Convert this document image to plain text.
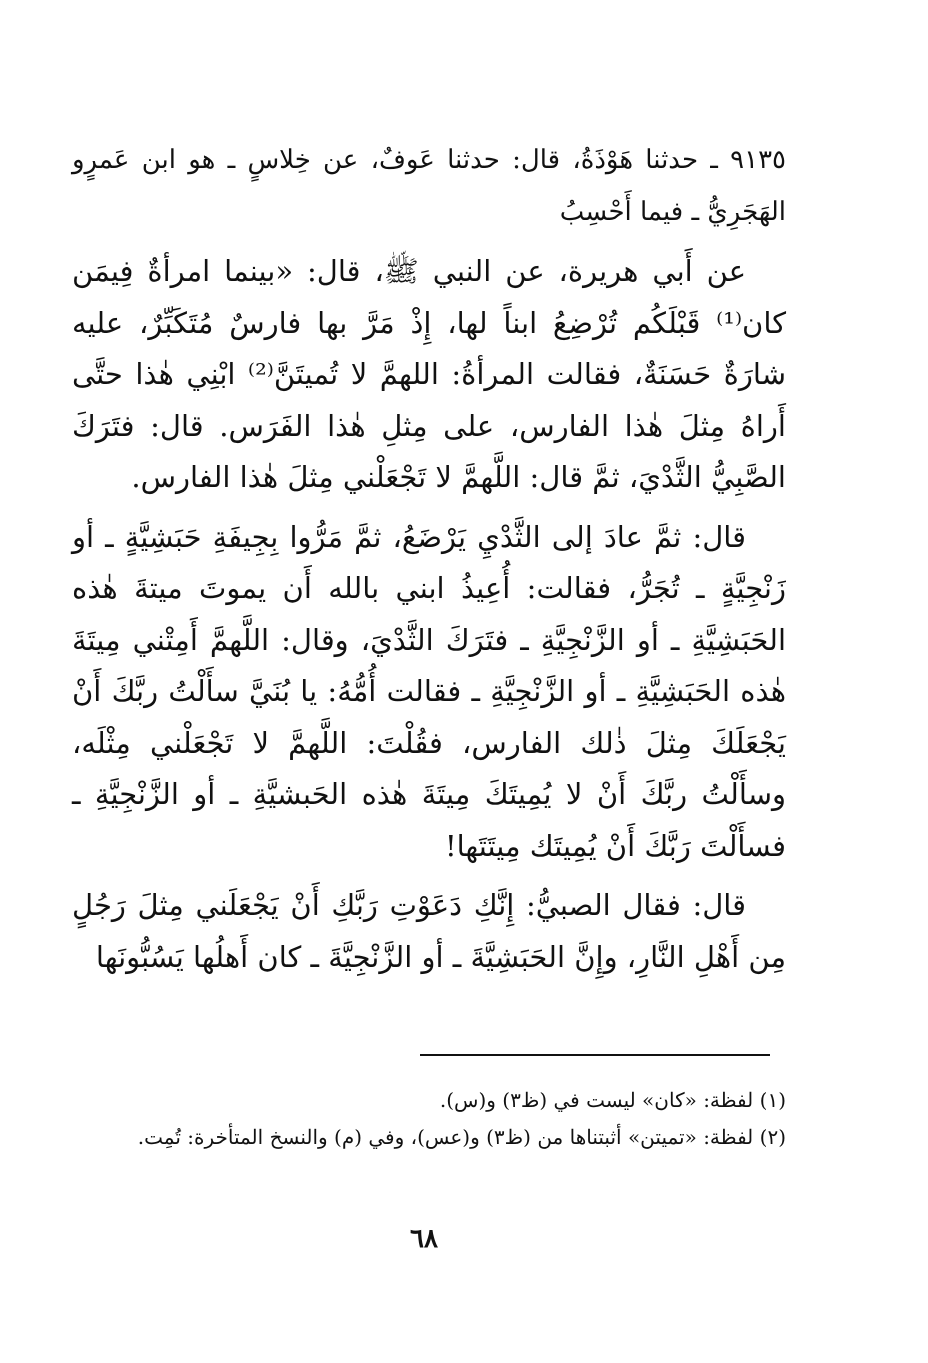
٩١٣٥ ـ حدثنا هَوْذَةُ، قال: حدثنا عَوفٌ، عن خِلاسٍ ـ هو ابن عَمرٍو الهَجَرِيُّ ـ فيما أَحْسِبُ

عن أَبي هريرة، عن النبي ﷺ، قال: «بينما امرأةٌ فِيمَن كان⁽¹⁾ قَبْلَكُم تُرْضِعُ ابناً لها، إِذْ مَرَّ بها فارسٌ مُتَكَبِّرٌ، عليه شارَةٌ حَسَنَةٌ، فقالت المرأةُ: اللهمَّ لا تُميتَنَّ⁽²⁾ ابْنِي هٰذا حتَّى أَراهُ مِثلَ هٰذا الفارس، على مِثلِ هٰذا الفَرَس. قال: فتَرَكَ الصَّبِيُّ الثَّدْيَ، ثمَّ قال: اللَّهمَّ لا تَجْعَلْني مِثلَ هٰذا الفارس.

قال: ثمَّ عادَ إلى الثَّدْيِ يَرْضَعُ، ثمَّ مَرُّوا بِجِيفَةِ حَبَشِيَّةٍ ـ أو زَنْجِيَّةٍ ـ تُجَرُّ، فقالت: أُعِيذُ ابني بالله أَن يموتَ ميتةَ هٰذه الحَبَشِيَّةِ ـ أو الزَّنْجِيَّةِ ـ فتَرَكَ الثَّدْيَ، وقال: اللَّهمَّ أَمِتْني مِيتَةَ هٰذه الحَبَشِيَّةِ ـ أو الزَّنْجِيَّةِ ـ فقالت أُمُّهُ: يا بُنَيَّ سأَلْتُ ربَّكَ أَنْ يَجْعَلَكَ مِثلَ ذٰلك الفارس، فقُلْتَ: اللَّهمَّ لا تَجْعَلْني مِثْلَه، وسأَلْتُ ربَّكَ أَنْ لا يُمِيتَكَ مِيتَةَ هٰذه الحَبشيَّةِ ـ أو الزَّنْجِيَّةِ ـ فسأَلْتَ رَبَّكَ أَنْ يُمِيتَك مِيتَتَها!

قال: فقال الصبيُّ: إِنَّكِ دَعَوْتِ رَبَّكِ أَنْ يَجْعَلَني مِثلَ رَجُلٍ مِن أَهْلِ النَّارِ، وإِنَّ الحَبَشِيَّةَ ـ أو الزَّنْجِيَّةَ ـ كان أَهلُها يَسُبُّونَها

(١) لفظة: «كان» ليست في (ظ٣) و(س).

(٢) لفظة: «تميتن» أثبتناها من (ظ٣) و(عس)، وفي (م) والنسخ المتأخرة: تُمِت.

٦٨
